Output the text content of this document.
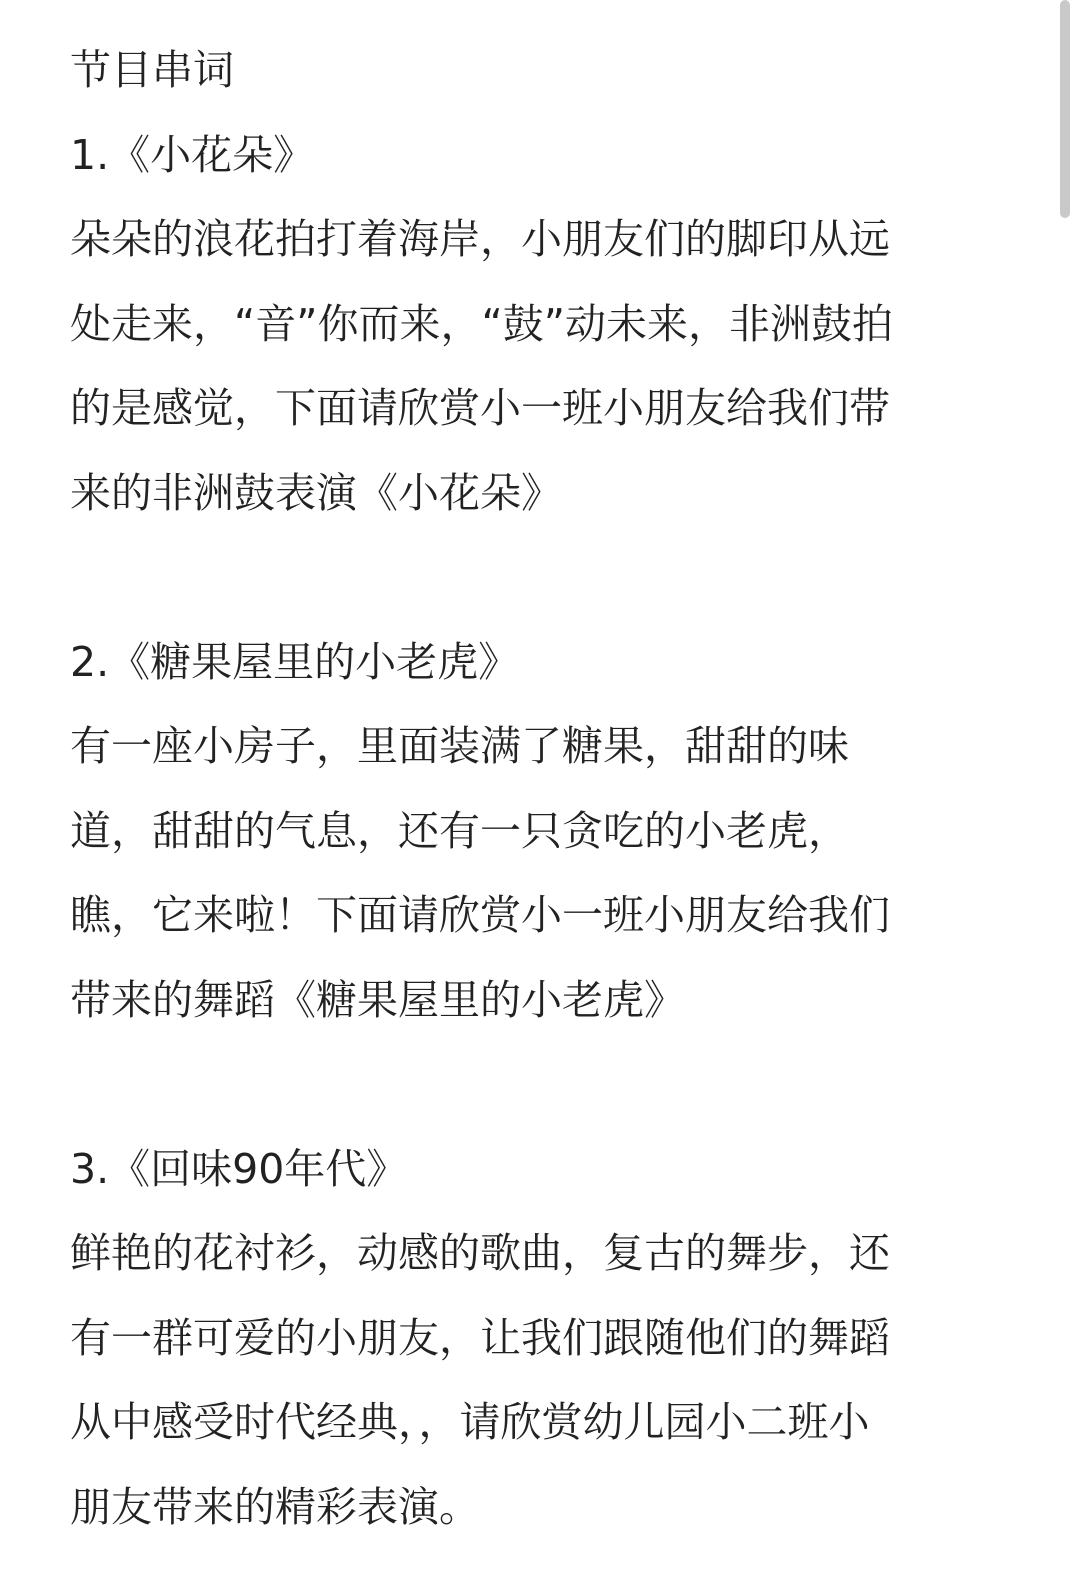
节目串词
1.《小花朵》

朵朵的浪花拍打着海岸，小朋友们的脚印从远
处走来，“音”你而来，“鼓”动未来，非洲鼓拍
的是感觉，下面请欣赏小一班小朋友给我们带
来的非洲鼓表演《小花朵》

2.《糖果屋里的小老虎》

有一座小房子，里面装满了糖果，甜甜的味
道，甜甜的气息，还有一只贪吃的小老虎，
瞧，它来啦！下面请欣赏小一班小朋友给我们
带来的舞蹈《糖果屋里的小老虎》

3.《回味90年代》

鲜艳的花衬衫，动感的歌曲，复古的舞步，还
有一群可爱的小朋友，让我们跟随他们的舞蹈
从中感受时代经典，，请欣赏幼儿园小二班小
朋友带来的精彩表演。
